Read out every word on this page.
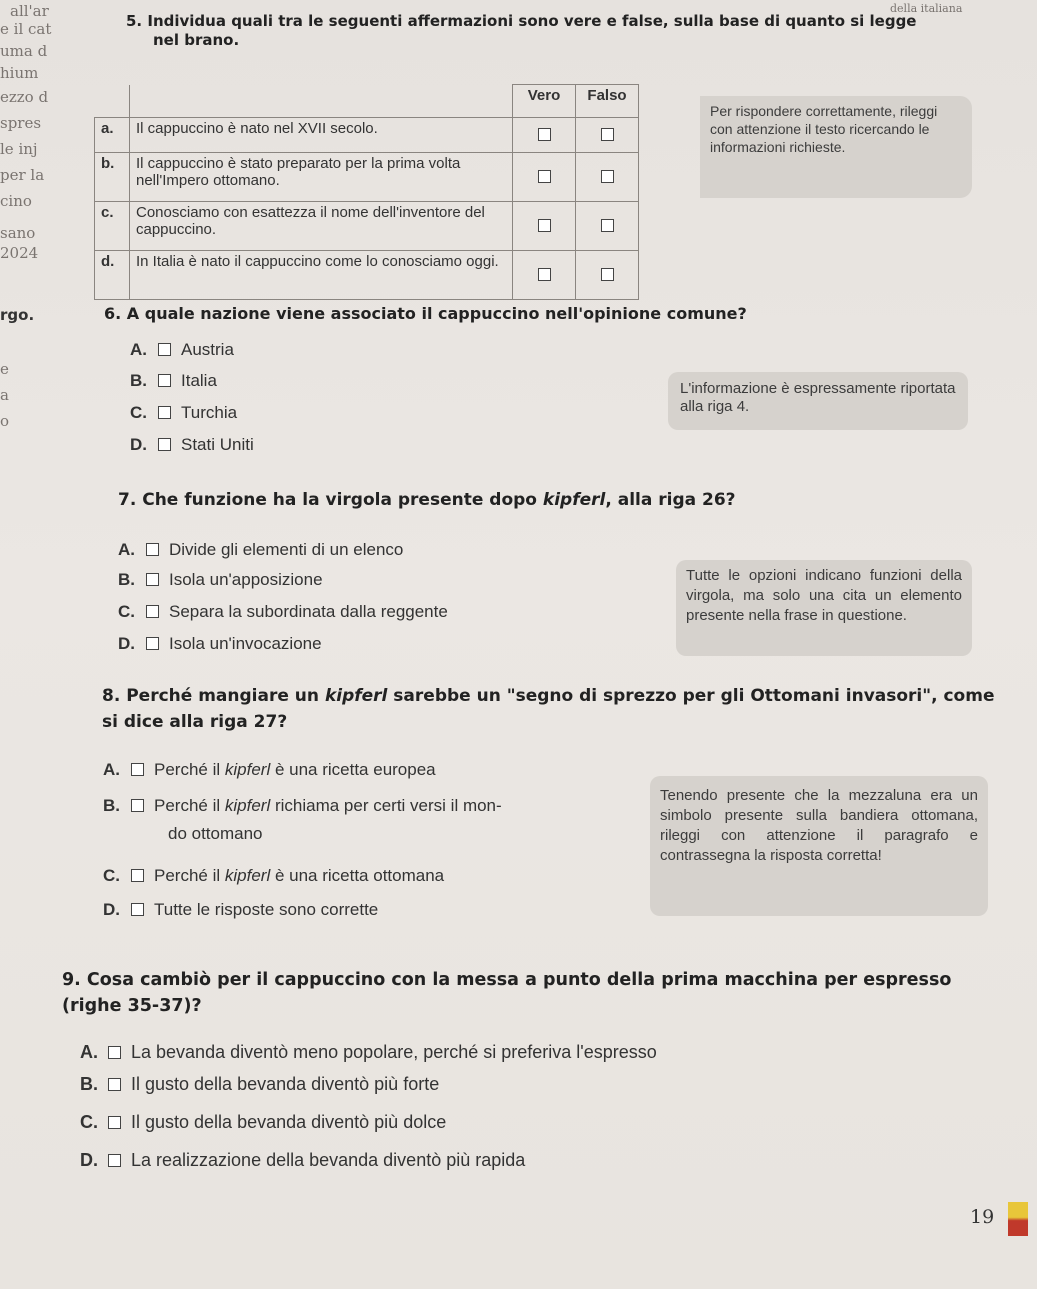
all'ar
e il cat
uma d
hium
ezzo d
spres
le inj
per la
cino
sano
2024
rgo.
e
a
o
della italiana
5. Individua quali tra le seguenti affermazioni sono vere e false, sulla base di quanto si legge
nel brano.
		Vero	Falso
a.	Il cappuccino è nato nel XVII secolo.		
b.	Il cappuccino è stato preparato per la prima volta nell'Impero ottomano.		
c.	Conosciamo con esattezza il nome dell'inventore del cappuccino.		
d.	In Italia è nato il cappuccino come lo conosciamo oggi.		
Per rispondere correttamente, rileggi con attenzione il testo ricercando le informazioni richieste.
6. A quale nazione viene associato il cappuccino nell'opinione comune?
A. Austria
B. Italia
C. Turchia
D. Stati Uniti
L'informazione è espressamente riportata alla riga 4.
7. Che funzione ha la virgola presente dopo kipferl, alla riga 26?
A. Divide gli elementi di un elenco
B. Isola un'apposizione
C. Separa la subordinata dalla reggente
D. Isola un'invocazione
Tutte le opzioni indicano funzioni della virgola, ma solo una cita un elemento presente nella frase in questione.
8. Perché mangiare un kipferl sarebbe un "segno di sprezzo per gli Ottomani invasori", come
si dice alla riga 27?
A. Perché il kipferl è una ricetta europea
B. Perché il kipferl richiama per certi versi il mon-
do ottomano
C. Perché il kipferl è una ricetta ottomana
D. Tutte le risposte sono corrette
Tenendo presente che la mezzaluna era un simbolo presente sulla bandiera ottomana, rileggi con attenzione il paragrafo e contrassegna la risposta corretta!
9. Cosa cambiò per il cappuccino con la messa a punto della prima macchina per espresso
(righe 35-37)?
A. La bevanda diventò meno popolare, perché si preferiva l'espresso
B. Il gusto della bevanda diventò più forte
C. Il gusto della bevanda diventò più dolce
D. La realizzazione della bevanda diventò più rapida
19
